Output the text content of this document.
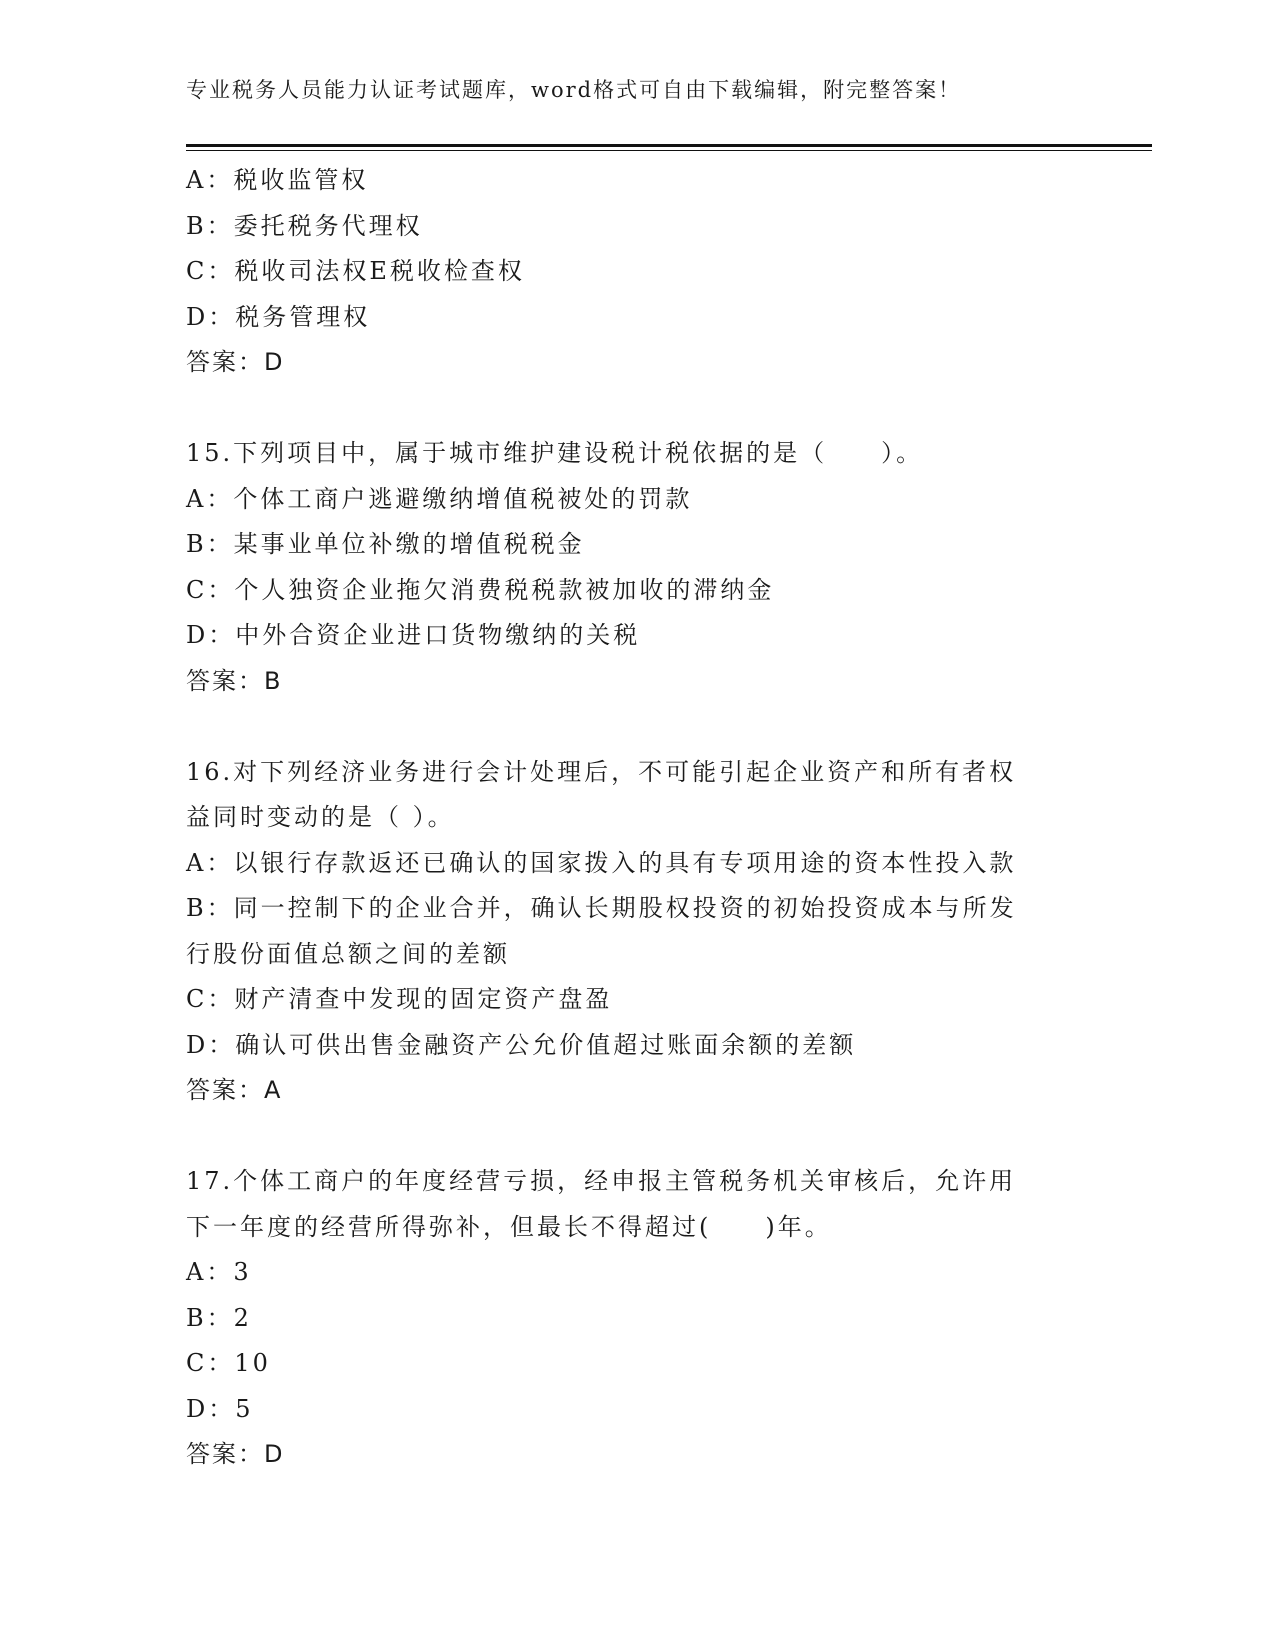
专业税务人员能力认证考试题库，word格式可自由下载编辑，附完整答案！
A：税收监管权
B：委托税务代理权
C：税收司法权E税收检查权
D：税务管理权
答案：D
15.下列项目中，属于城市维护建设税计税依据的是（　　）。
A：个体工商户逃避缴纳增值税被处的罚款
B：某事业单位补缴的增值税税金
C：个人独资企业拖欠消费税税款被加收的滞纳金
D：中外合资企业进口货物缴纳的关税
答案：B
16.对下列经济业务进行会计处理后，不可能引起企业资产和所有者权
益同时变动的是（ ）。
A：以银行存款返还已确认的国家拨入的具有专项用途的资本性投入款
B：同一控制下的企业合并，确认长期股权投资的初始投资成本与所发
行股份面值总额之间的差额
C：财产清查中发现的固定资产盘盈
D：确认可供出售金融资产公允价值超过账面余额的差额
答案：A
17.个体工商户的年度经营亏损，经申报主管税务机关审核后，允许用
下一年度的经营所得弥补，但最长不得超过(　　)年。
A：3
B：2
C：10
D：5
答案：D
